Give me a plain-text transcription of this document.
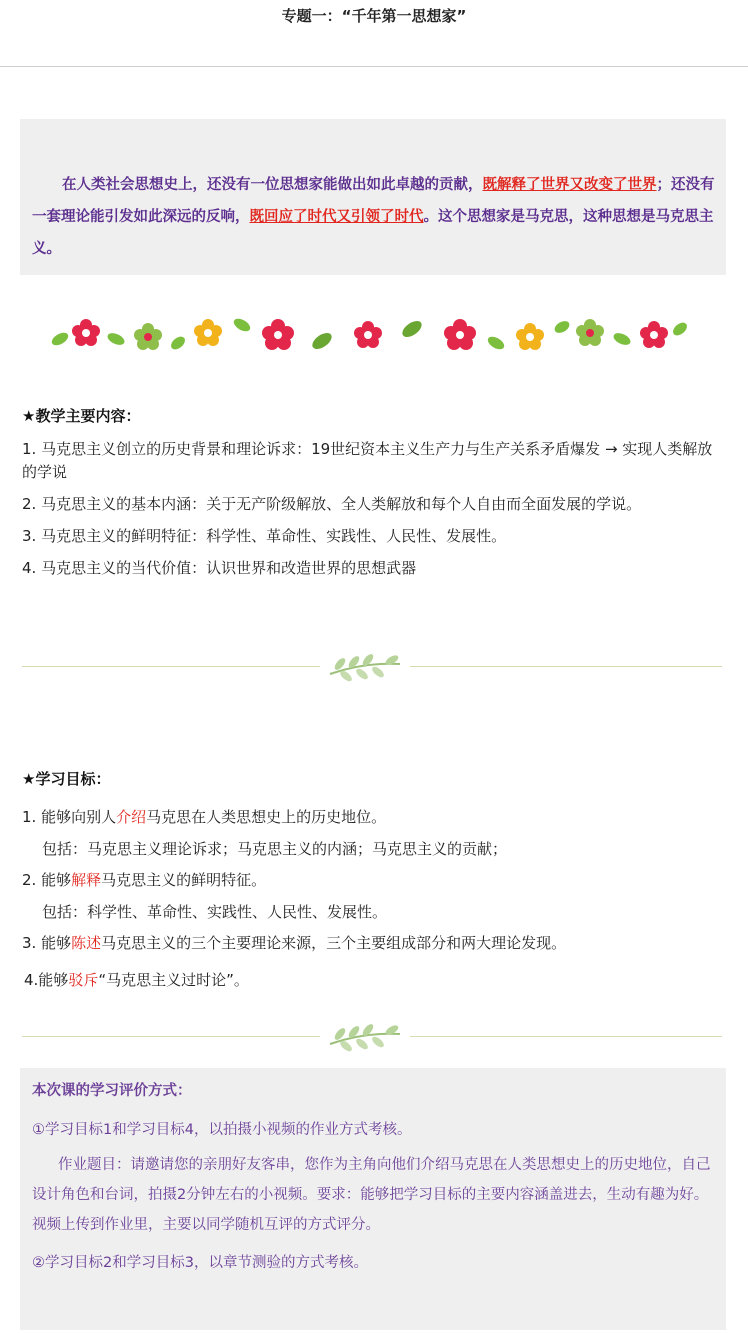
专题一：“千年第一思想家”
在人类社会思想史上，还没有一位思想家能做出如此卓越的贡献，既解释了世界又改变了世界；还没有一套理论能引发如此深远的反响，既回应了时代又引领了时代。这个思想家是马克思，这种思想是马克思主义。
★教学主要内容：

1. 马克思主义创立的历史背景和理论诉求：19世纪资本主义生产力与生产关系矛盾爆发 → 实现人类解放的学说

2. 马克思主义的基本内涵：关于无产阶级解放、全人类解放和每个人自由而全面发展的学说。

3. 马克思主义的鲜明特征：科学性、革命性、实践性、人民性、发展性。

4. 马克思主义的当代价值：认识世界和改造世界的思想武器

★学习目标：

1. 能够向别人介绍马克思在人类思想史上的历史地位。

包括：马克思主义理论诉求；马克思主义的内涵；马克思主义的贡献；

2. 能够解释马克思主义的鲜明特征。

包括：科学性、革命性、实践性、人民性、发展性。

3. 能够陈述马克思主义的三个主要理论来源，三个主要组成部分和两大理论发现。

4.能够驳斥“马克思主义过时论”。

本次课的学习评价方式：

①学习目标1和学习目标4，以拍摄小视频的作业方式考核。

作业题目：请邀请您的亲朋好友客串，您作为主角向他们介绍马克思在人类思想史上的历史地位，自己设计角色和台词，拍摄2分钟左右的小视频。要求：能够把学习目标的主要内容涵盖进去，生动有趣为好。视频上传到作业里，主要以同学随机互评的方式评分。

②学习目标2和学习目标3，以章节测验的方式考核。
